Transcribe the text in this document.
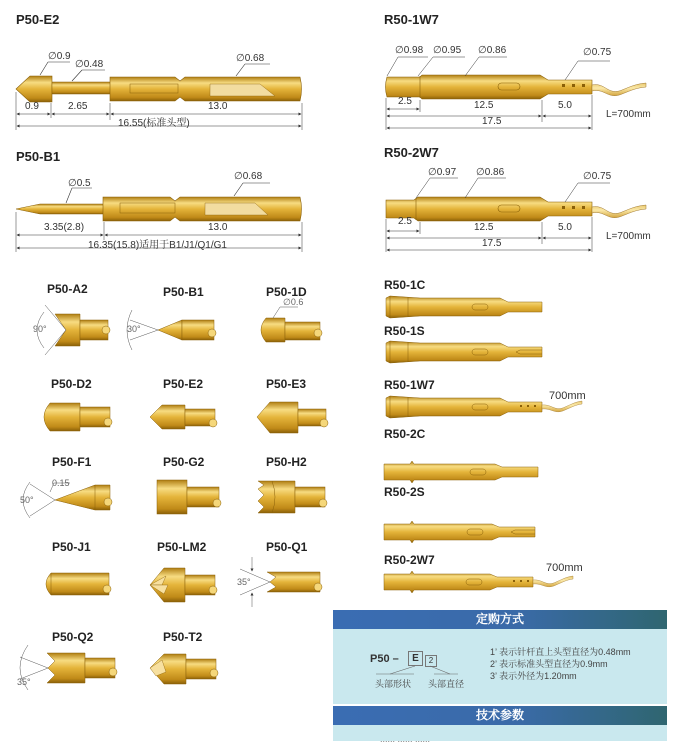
P50-E2
∅0.9
∅0.48
∅0.68
0.9	2.65	13.0
16.55(标准头型)
P50-B1
∅0.5
∅0.68
3.35(2.8)	13.0
16.35(15.8)适用于B1/J1/Q1/G1
R50-1W7
∅0.98 ∅0.95 ∅0.86	∅0.75
2.5	12.5	5.0
17.5
L=700mm
R50-2W7
∅0.97 ∅0.86	∅0.75
2.5
12.5	5.0
17.5
L=700mm
P50-A2	P50-B1	P50-1D
90°	30°
∅0.6
P50-D2	P50-E2	P50-E3
P50-F1	P50-G2	P50-H2
50°
0.15
P50-J1	P50-LM2	P50-Q1
35°
P50-Q2	P50-T2
35°
R50-1C
R50-1S
R50-1W7
R50-2C
R50-2S
R50-2W7
700mm
700mm
定购方式
P50 –	E	2
头部形状 头部直径
1’ 表示针杆直上头型直径为0.48mm
2’ 表示标准头型直径为0.9mm
3’ 表示外径为1.20mm
技术参数
...... ...... ......
